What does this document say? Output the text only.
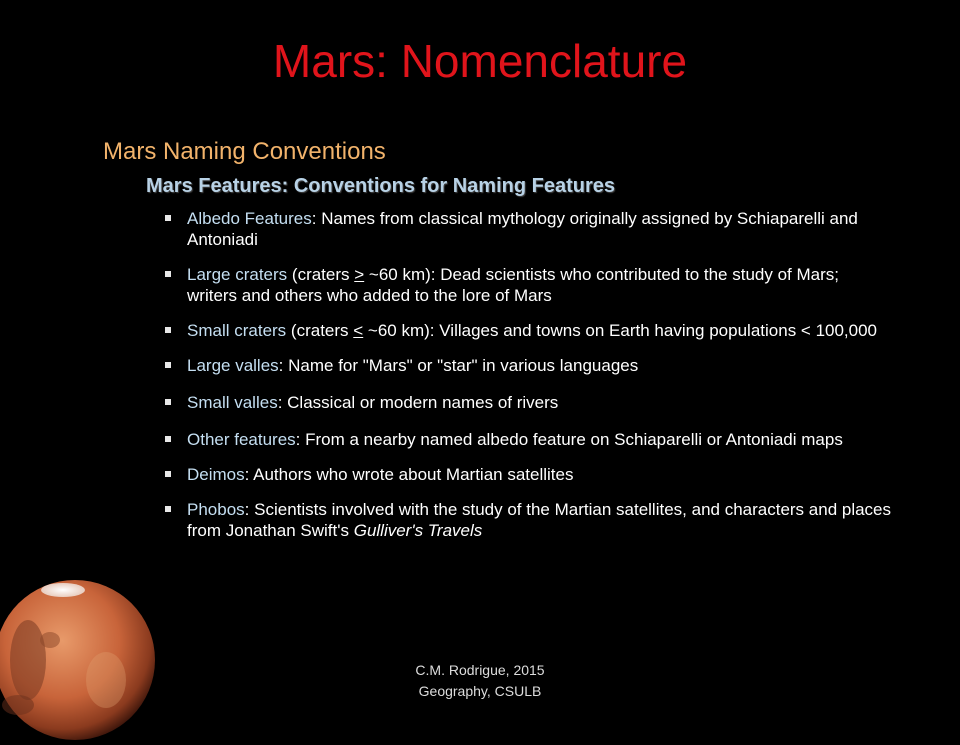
Mars: Nomenclature
Mars Naming Conventions
Mars Features: Conventions for Naming Features
Albedo Features: Names from classical mythology originally assigned by Schiaparelli and Antoniadi
Large craters (craters > ~60 km): Dead scientists who contributed to the study of Mars; writers and others who added to the lore of Mars
Small craters (craters < ~60 km): Villages and towns on Earth having populations < 100,000
Large valles: Name for "Mars" or "star" in various languages
Small valles: Classical or modern names of rivers
Other features: From a nearby named albedo feature on Schiaparelli or Antoniadi maps
Deimos: Authors who wrote about Martian satellites
Phobos: Scientists involved with the study of the Martian satellites, and characters and places from Jonathan Swift's Gulliver's Travels
C.M. Rodrigue, 2015
Geography, CSULB
